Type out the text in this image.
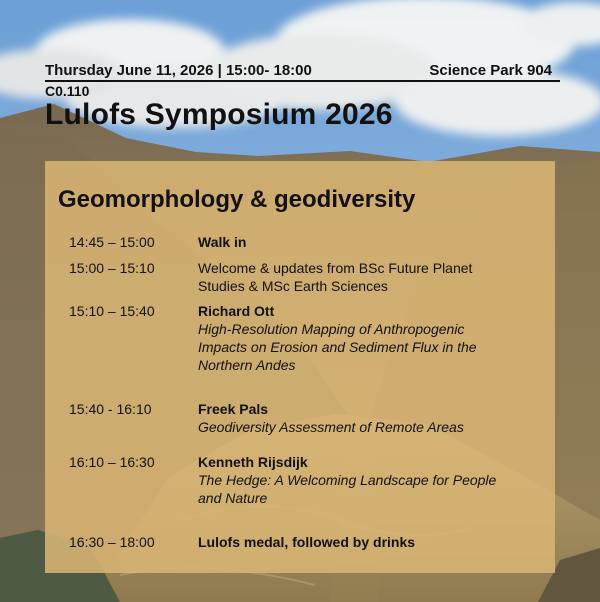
Thursday June 11, 2026 | 15:00- 18:00	Science Park 904
C0.110
Lulofs Symposium 2026
Geomorphology & geodiversity
14:45 – 15:00	Walk in
15:00 – 15:10	Welcome & updates from BSc Future Planet
Studies & MSc Earth Sciences
15:10 – 15:40	Richard Ott
High-Resolution Mapping of Anthropogenic
Impacts on Erosion and Sediment Flux in the
Northern Andes
15:40 - 16:10	Freek Pals
Geodiversity Assessment of Remote Areas
16:10 – 16:30	Kenneth Rijsdijk
The Hedge: A Welcoming Landscape for People
and Nature
16:30 – 18:00	Lulofs medal, followed by drinks
